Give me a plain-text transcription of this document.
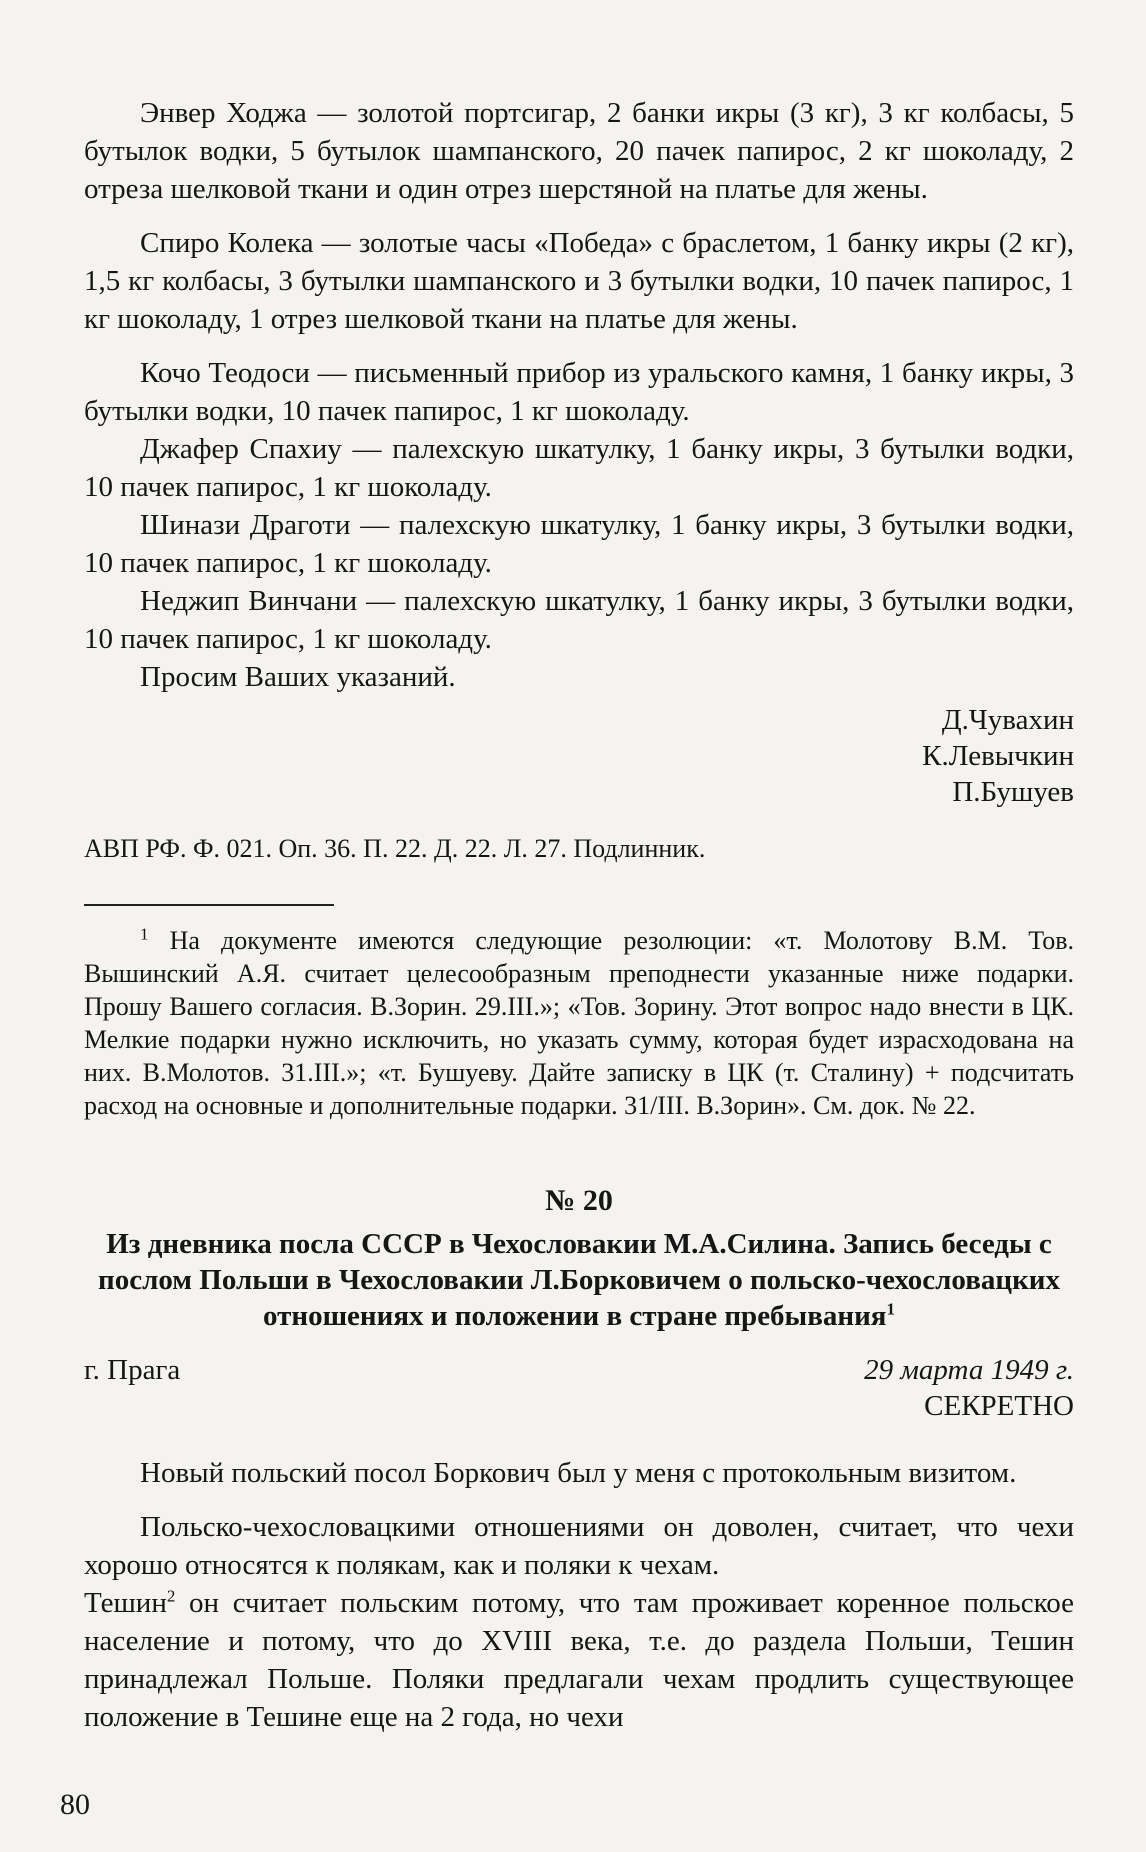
Энвер Ходжа — золотой портсигар, 2 банки икры (3 кг), 3 кг колбасы, 5 бутылок водки, 5 бутылок шампанского, 20 пачек папирос, 2 кг шоколаду, 2 отреза шелковой ткани и один отрез шерстяной на платье для жены.

Спиро Колека — золотые часы «Победа» с браслетом, 1 банку икры (2 кг), 1,5 кг колбасы, 3 бутылки шампанского и 3 бутылки водки, 10 пачек папирос, 1 кг шоколаду, 1 отрез шелковой ткани на платье для жены.

Кочо Теодоси — письменный прибор из уральского камня, 1 банку икры, 3 бутылки водки, 10 пачек папирос, 1 кг шоколаду.

Джафер Спахиу — палехскую шкатулку, 1 банку икры, 3 бутылки водки, 10 пачек папирос, 1 кг шоколаду.

Шинази Драготи — палехскую шкатулку, 1 банку икры, 3 бутылки водки, 10 пачек папирос, 1 кг шоколаду.

Неджип Винчани — палехскую шкатулку, 1 банку икры, 3 бутылки водки, 10 пачек папирос, 1 кг шоколаду.

Просим Ваших указаний.

Д.Чувахин
К.Левычкин
П.Бушуев

АВП РФ. Ф. 021. Оп. 36. П. 22. Д. 22. Л. 27. Подлинник.

$^1$ На документе имеются следующие резолюции: «т. Молотову В.М. Тов. Вышинский А.Я. считает целесообразным преподнести указанные ниже подарки. Прошу Вашего согласия. В.Зорин. 29.III.»; «Тов. Зорину. Этот вопрос надо внести в ЦК. Мелкие подарки нужно исключить, но указать сумму, которая будет израсходована на них. В.Молотов. 31.III.»; «т. Бушуеву. Дайте записку в ЦК (т. Сталину) + подсчитать расход на основные и дополнительные подарки. 31/III. В.Зорин». См. док. № 22.

№ 20
Из дневника посла СССР в Чехословакии М.А.Силина. Запись беседы с послом Польши в Чехословакии Л.Борковичем о польско-чехословацких отношениях и положении в стране пребывания$^1$
г. Прага	29 марта 1949 г.
СЕКРЕТНО

Новый польский посол Боркович был у меня с протокольным визитом.

Польско-чехословацкими отношениями он доволен, считает, что чехи хорошо относятся к полякам, как и поляки к чехам.

Тешин$^2$ он считает польским потому, что там проживает коренное польское население и потому, что до XVIII века, т.е. до раздела Польши, Тешин принадлежал Польше. Поляки предлагали чехам продлить существующее положение в Тешине еще на 2 года, но чехи

80
